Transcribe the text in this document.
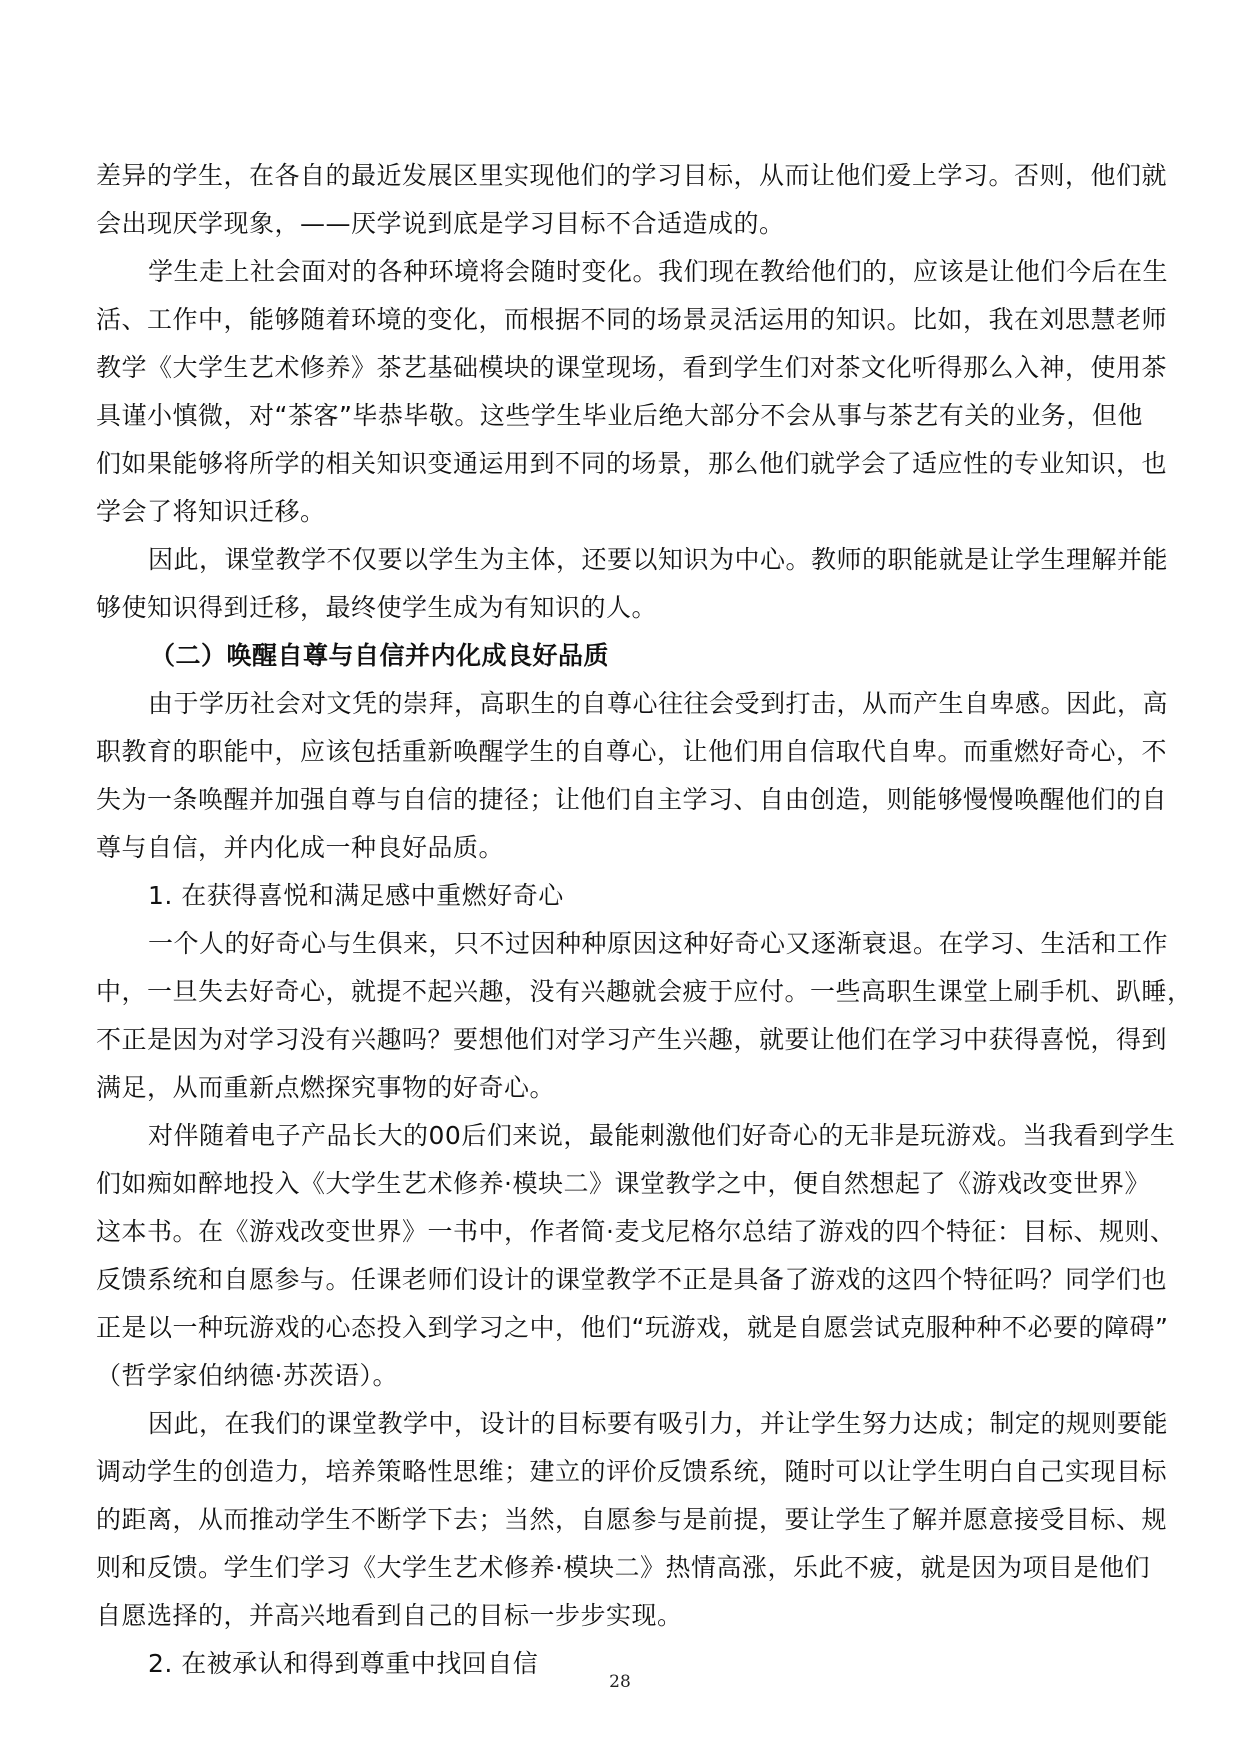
差异的学生，在各自的最近发展区里实现他们的学习目标，从而让他们爱上学习。否则，他们就
会出现厌学现象，——厌学说到底是学习目标不合适造成的。
学生走上社会面对的各种环境将会随时变化。我们现在教给他们的，应该是让他们今后在生
活、工作中，能够随着环境的变化，而根据不同的场景灵活运用的知识。比如，我在刘思慧老师
教学《大学生艺术修养》茶艺基础模块的课堂现场，看到学生们对茶文化听得那么入神，使用茶
具谨小慎微，对“茶客”毕恭毕敬。这些学生毕业后绝大部分不会从事与茶艺有关的业务，但他
们如果能够将所学的相关知识变通运用到不同的场景，那么他们就学会了适应性的专业知识，也
学会了将知识迁移。
因此，课堂教学不仅要以学生为主体，还要以知识为中心。教师的职能就是让学生理解并能
够使知识得到迁移，最终使学生成为有知识的人。
（二）唤醒自尊与自信并内化成良好品质
由于学历社会对文凭的崇拜，高职生的自尊心往往会受到打击，从而产生自卑感。因此，高
职教育的职能中，应该包括重新唤醒学生的自尊心，让他们用自信取代自卑。而重燃好奇心，不
失为一条唤醒并加强自尊与自信的捷径；让他们自主学习、自由创造，则能够慢慢唤醒他们的自
尊与自信，并内化成一种良好品质。
1. 在获得喜悦和满足感中重燃好奇心
一个人的好奇心与生俱来，只不过因种种原因这种好奇心又逐渐衰退。在学习、生活和工作
中，一旦失去好奇心，就提不起兴趣，没有兴趣就会疲于应付。一些高职生课堂上刷手机、趴睡，
不正是因为对学习没有兴趣吗？要想他们对学习产生兴趣，就要让他们在学习中获得喜悦，得到
满足，从而重新点燃探究事物的好奇心。
对伴随着电子产品长大的00后们来说，最能刺激他们好奇心的无非是玩游戏。当我看到学生
们如痴如醉地投入《大学生艺术修养·模块二》课堂教学之中，便自然想起了《游戏改变世界》
这本书。在《游戏改变世界》一书中，作者简·麦戈尼格尔总结了游戏的四个特征：目标、规则、
反馈系统和自愿参与。任课老师们设计的课堂教学不正是具备了游戏的这四个特征吗？同学们也
正是以一种玩游戏的心态投入到学习之中，他们“玩游戏，就是自愿尝试克服种种不必要的障碍”
（哲学家伯纳德·苏茨语）。
因此，在我们的课堂教学中，设计的目标要有吸引力，并让学生努力达成；制定的规则要能
调动学生的创造力，培养策略性思维；建立的评价反馈系统，随时可以让学生明白自己实现目标
的距离，从而推动学生不断学下去；当然，自愿参与是前提，要让学生了解并愿意接受目标、规
则和反馈。学生们学习《大学生艺术修养·模块二》热情高涨，乐此不疲，就是因为项目是他们
自愿选择的，并高兴地看到自己的目标一步步实现。
2. 在被承认和得到尊重中找回自信
28
